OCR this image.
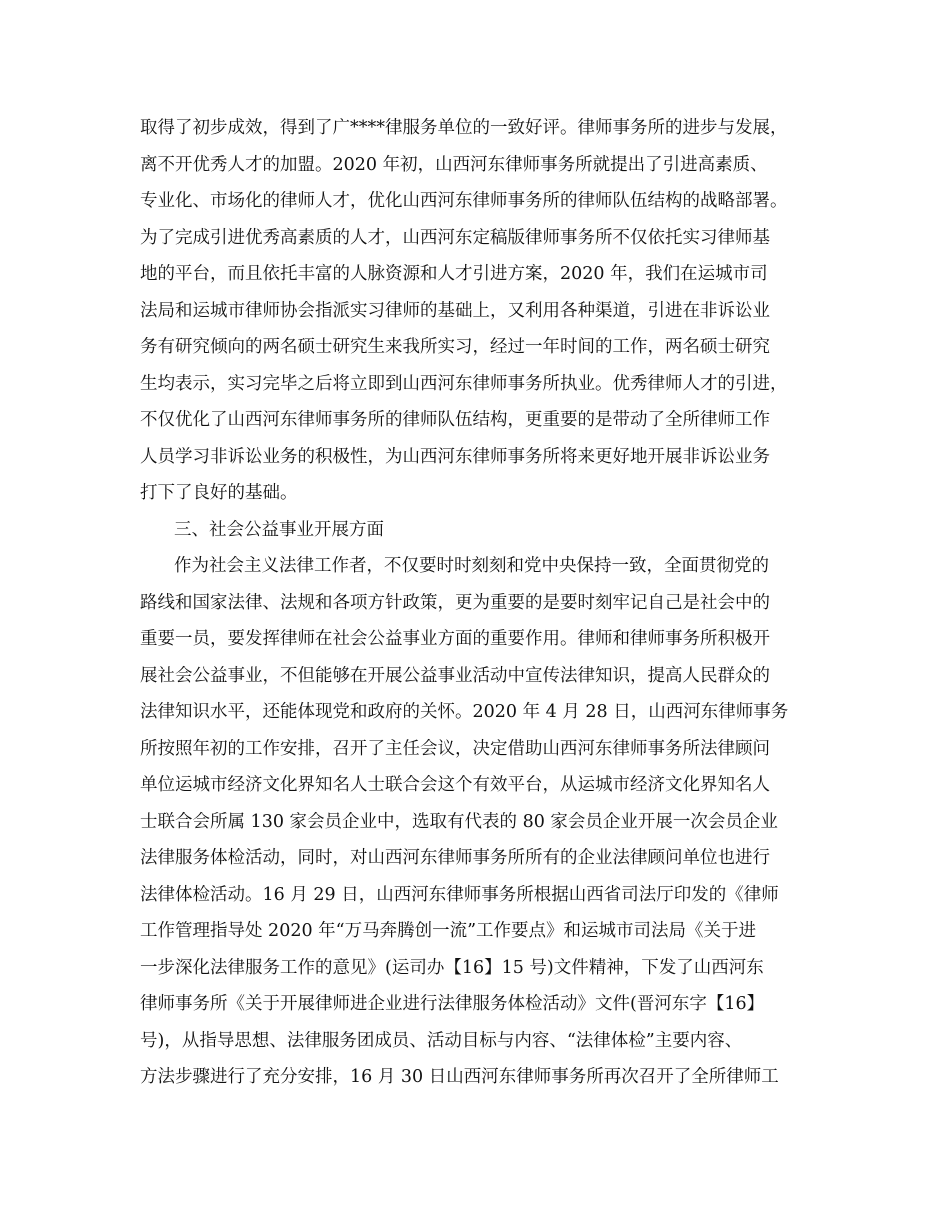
取得了初步成效，得到了广****律服务单位的一致好评。律师事务所的进步与发展，
离不开优秀人才的加盟。2020 年初，山西河东律师事务所就提出了引进高素质、
专业化、市场化的律师人才，优化山西河东律师事务所的律师队伍结构的战略部署。
为了完成引进优秀高素质的人才，山西河东定稿版律师事务所不仅依托实习律师基
地的平台，而且依托丰富的人脉资源和人才引进方案，2020 年，我们在运城市司
法局和运城市律师协会指派实习律师的基础上，又利用各种渠道，引进在非诉讼业
务有研究倾向的两名硕士研究生来我所实习，经过一年时间的工作，两名硕士研究
生均表示，实习完毕之后将立即到山西河东律师事务所执业。优秀律师人才的引进，
不仅优化了山西河东律师事务所的律师队伍结构，更重要的是带动了全所律师工作
人员学习非诉讼业务的积极性，为山西河东律师事务所将来更好地开展非诉讼业务
打下了良好的基础。
三、社会公益事业开展方面
作为社会主义法律工作者，不仅要时时刻刻和党中央保持一致，全面贯彻党的
路线和国家法律、法规和各项方针政策，更为重要的是要时刻牢记自己是社会中的
重要一员，要发挥律师在社会公益事业方面的重要作用。律师和律师事务所积极开
展社会公益事业，不但能够在开展公益事业活动中宣传法律知识，提高人民群众的
法律知识水平，还能体现党和政府的关怀。2020 年 4 月 28 日，山西河东律师事务
所按照年初的工作安排，召开了主任会议，决定借助山西河东律师事务所法律顾问
单位运城市经济文化界知名人士联合会这个有效平台，从运城市经济文化界知名人
士联合会所属 130 家会员企业中，选取有代表的 80 家会员企业开展一次会员企业
法律服务体检活动，同时，对山西河东律师事务所所有的企业法律顾问单位也进行
法律体检活动。16 月 29 日，山西河东律师事务所根据山西省司法厅印发的《律师
工作管理指导处 2020 年“万马奔腾创一流”工作要点》和运城市司法局《关于进
一步深化法律服务工作的意见》(运司办【16】15 号)文件精神，下发了山西河东
律师事务所《关于开展律师进企业进行法律服务体检活动》文件(晋河东字【16】
号)，从指导思想、法律服务团成员、活动目标与内容、“法律体检”主要内容、
方法步骤进行了充分安排，16 月 30 日山西河东律师事务所再次召开了全所律师工
